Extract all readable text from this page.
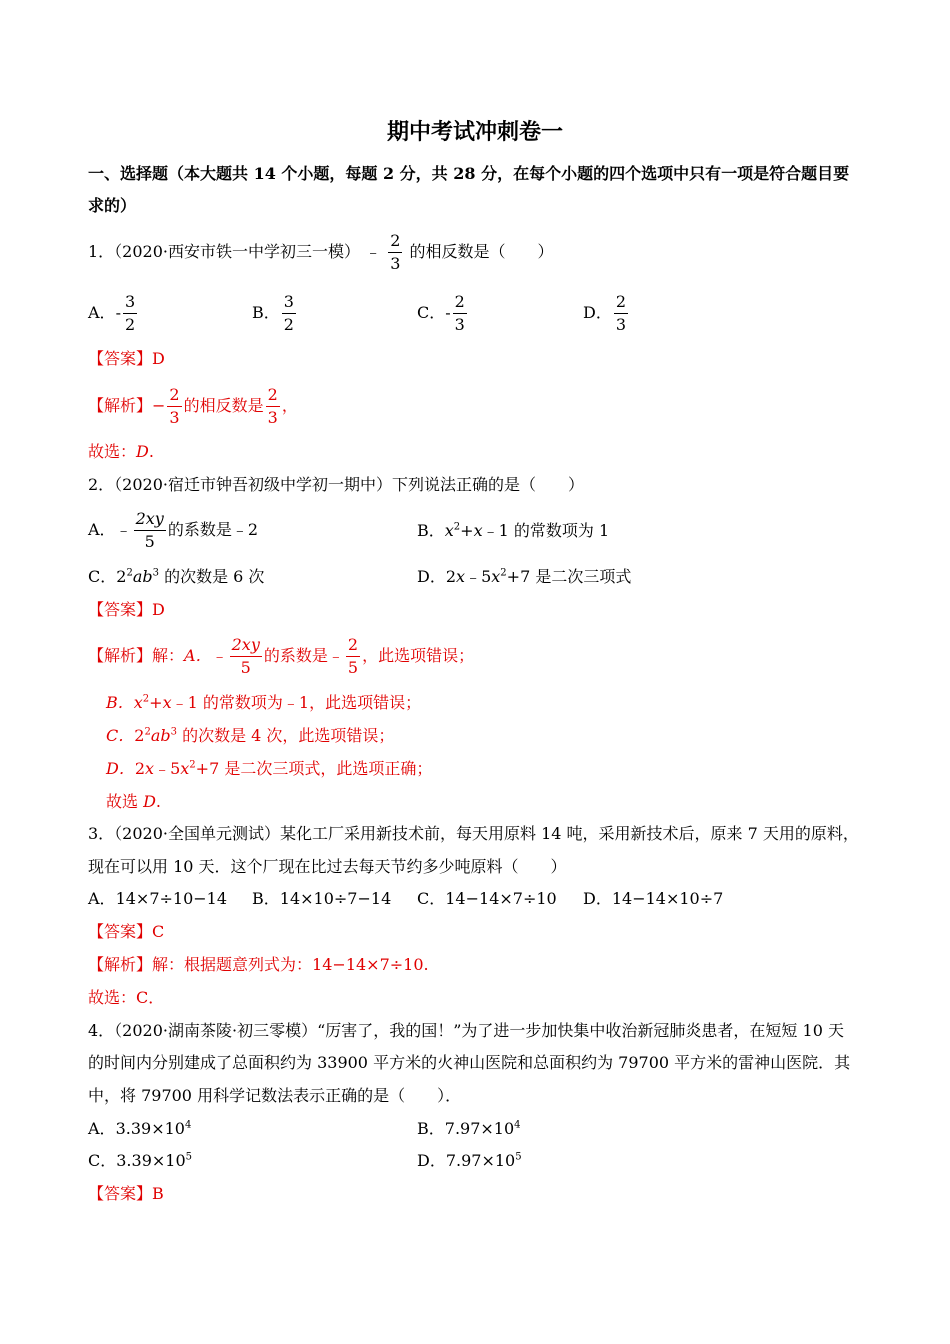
期中考试冲刺卷一
一、选择题（本大题共 14 个小题，每题 2 分，共 28 分，在每个小题的四个选项中只有一项是符合题目要
求的）
1．（2020·西安市铁一中学初三一模） ﹣ $\frac{2}{3}$ 的相反数是（　　）
A．- $\frac{3}{2}$	B． $\frac{3}{2}$	C．- $\frac{2}{3}$	D． $\frac{2}{3}$
【答案】D
【解析】− $\frac{2}{3}$ 的相反数是 $\frac{2}{3}$ ，
故选：D.
2．（2020·宿迁市钟吾初级中学初一期中）下列说法正确的是（　　）
A．﹣ $\frac{2xy}{5}$ 的系数是﹣2	B．$x^2+x﹣1$ 的常数项为 1
C．$2^2ab^3$ 的次数是 6 次	D．$2x﹣5x^2+7$ 是二次三项式
【答案】D
【解析】解：A．﹣ $\frac{2xy}{5}$ 的系数是﹣ $\frac{2}{5}$ ，此选项错误；
B．$x^2+x﹣1$ 的常数项为﹣1，此选项错误；
C．$2^2ab^3$ 的次数是 4 次，此选项错误；
D．$2x﹣5x^2+7$ 是二次三项式，此选项正确；
故选 D.
3．（2020·全国单元测试）某化工厂采用新技术前，每天用原料 14 吨，采用新技术后，原来 7 天用的原料，
现在可以用 10 天．这个厂现在比过去每天节约多少吨原料（　　）
A．14×7÷10−14 B．14×10÷7−14 C．14−14×7÷10 D．14−14×10÷7
【答案】C
【解析】解：根据题意列式为：14−14×7÷10.
故选：C．
4．（2020·湖南茶陵·初三零模）“厉害了，我的国！”为了进一步加快集中收治新冠肺炎患者，在短短 10 天
的时间内分别建成了总面积约为 33900 平方米的火神山医院和总面积约为 79700 平方米的雷神山医院．其
中，将 79700 用科学记数法表示正确的是（　　）．
A．$3.39\times 10^4$	B．$7.97\times 10^4$
C．$3.39\times 10^5$	D．$7.97\times 10^5$
【答案】B
